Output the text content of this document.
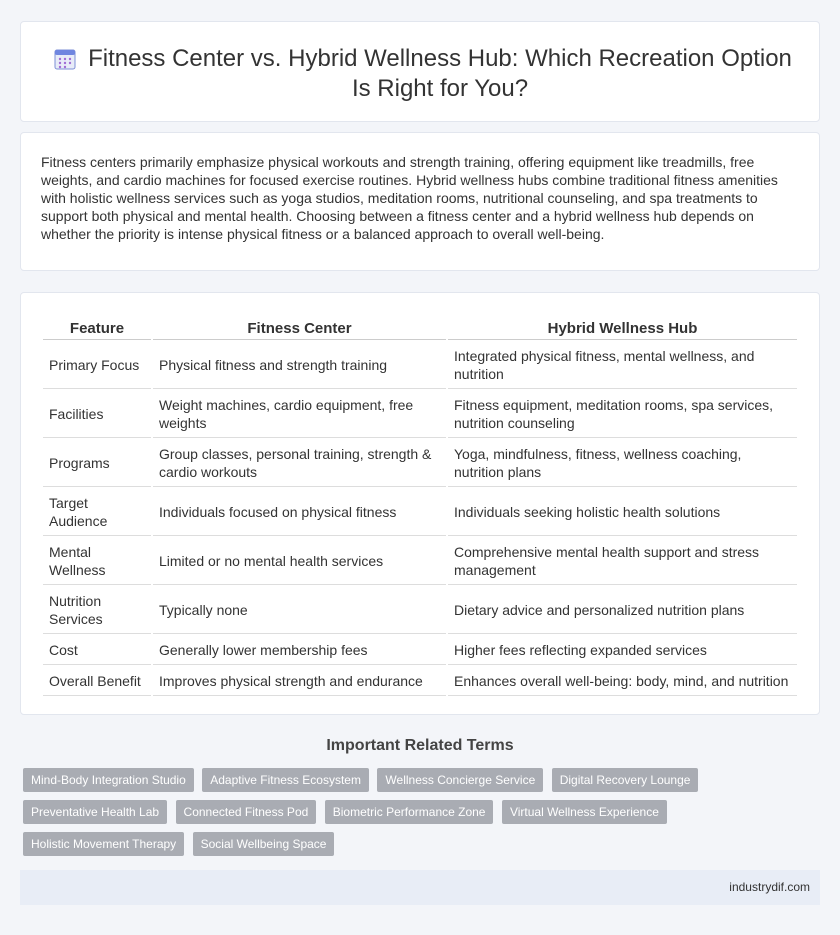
Fitness Center vs. Hybrid Wellness Hub: Which Recreation Option Is Right for You?

Fitness centers primarily emphasize physical workouts and strength training, offering equipment like treadmills, free weights, and cardio machines for focused exercise routines. Hybrid wellness hubs combine traditional fitness amenities with holistic wellness services such as yoga studios, meditation rooms, nutritional counseling, and spa treatments to support both physical and mental health. Choosing between a fitness center and a hybrid wellness hub depends on whether the priority is intense physical fitness or a balanced approach to overall well-being.

Feature	Fitness Center	Hybrid Wellness Hub
Primary Focus	Physical fitness and strength training	Integrated physical fitness, mental wellness, and nutrition
Facilities	Weight machines, cardio equipment, free weights	Fitness equipment, meditation rooms, spa services, nutrition counseling
Programs	Group classes, personal training, strength & cardio workouts	Yoga, mindfulness, fitness, wellness coaching, nutrition plans
Target Audience	Individuals focused on physical fitness	Individuals seeking holistic health solutions
Mental Wellness	Limited or no mental health services	Comprehensive mental health support and stress management
Nutrition Services	Typically none	Dietary advice and personalized nutrition plans
Cost	Generally lower membership fees	Higher fees reflecting expanded services
Overall Benefit	Improves physical strength and endurance	Enhances overall well-being: body, mind, and nutrition
Important Related Terms
Mind-Body Integration Studio Adaptive Fitness Ecosystem Wellness Concierge Service Digital Recovery Lounge Preventative Health Lab Connected Fitness Pod Biometric Performance Zone Virtual Wellness Experience Holistic Movement Therapy Social Wellbeing Space
industrydif.com
